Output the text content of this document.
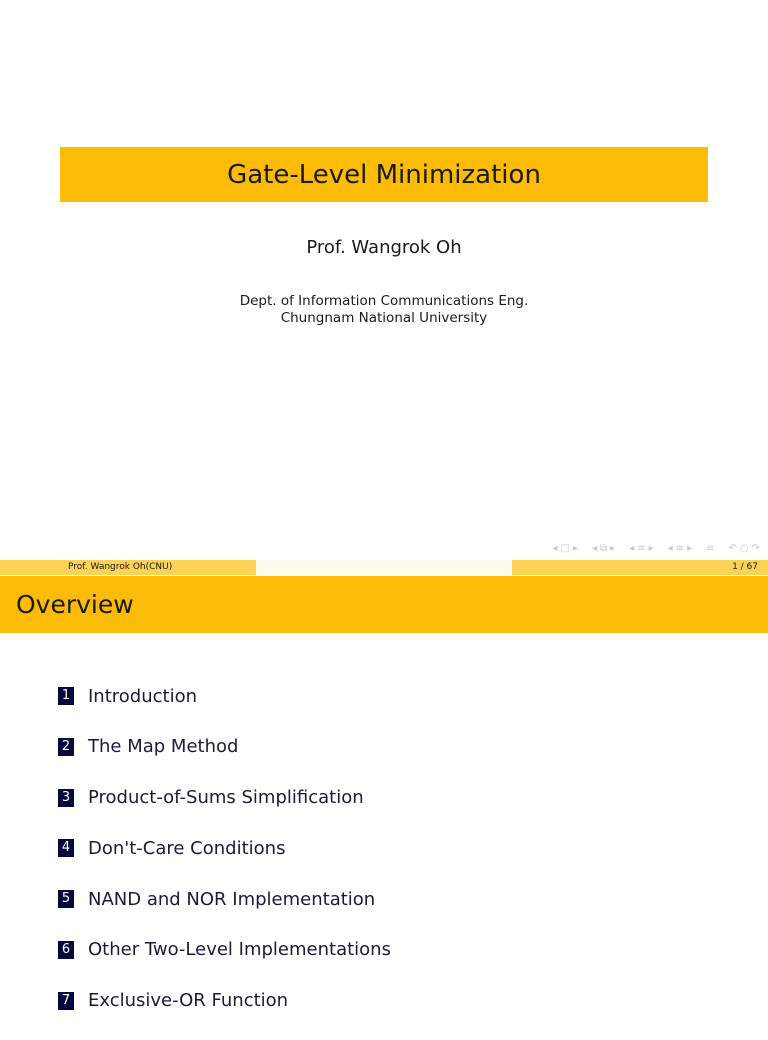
Gate-Level Minimization
Prof. Wangrok Oh
Dept. of Information Communications Eng.
Chungnam National University
◂ □ ▸ ◂ ⧉ ▸ ◂ ≡ ▸ ◂ ≡ ▸ ≡ ↶ ○ ↷
Prof. Wangrok Oh(CNU)	1 / 67
Overview
1 Introduction
2 The Map Method
3 Product-of-Sums Simplification
4 Don't-Care Conditions
5 NAND and NOR Implementation
6 Other Two-Level Implementations
7 Exclusive-OR Function
